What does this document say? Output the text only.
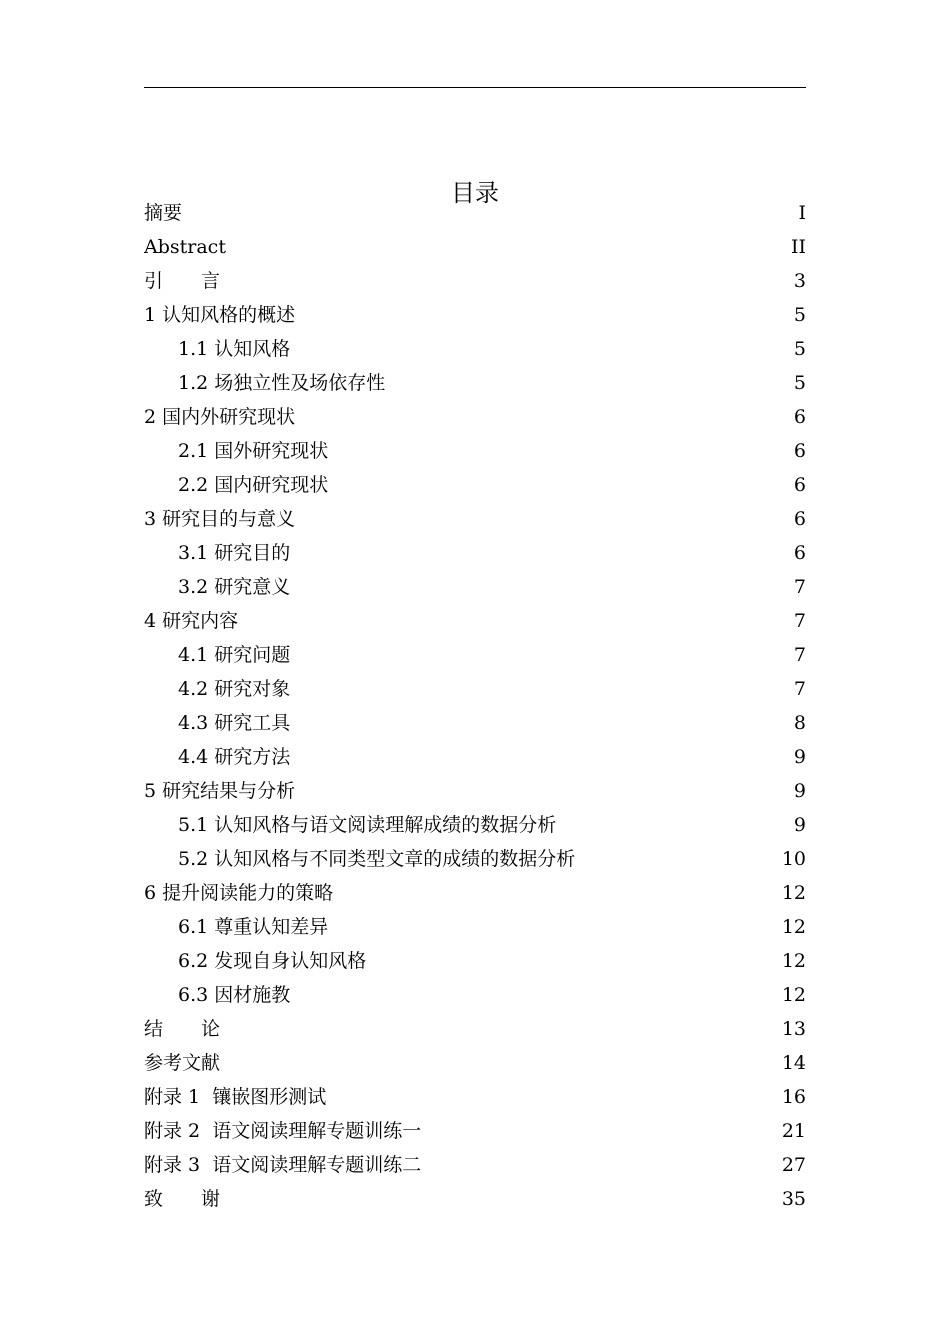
目录
摘要	I
Abstract	II
引　　言	3
1 认知风格的概述	5
1.1 认知风格	5
1.2 场独立性及场依存性	5
2 国内外研究现状	6
2.1 国外研究现状	6
2.2 国内研究现状	6
3 研究目的与意义	6
3.1 研究目的	6
3.2 研究意义	7
4 研究内容	7
4.1 研究问题	7
4.2 研究对象	7
4.3 研究工具	8
4.4 研究方法	9
5 研究结果与分析	9
5.1 认知风格与语文阅读理解成绩的数据分析	9
5.2 认知风格与不同类型文章的成绩的数据分析	10
6 提升阅读能力的策略	12
6.1 尊重认知差异	12
6.2 发现自身认知风格	12
6.3 因材施教	12
结　　论	13
参考文献	14
附录 1  镶嵌图形测试	16
附录 2  语文阅读理解专题训练一	21
附录 3  语文阅读理解专题训练二	27
致　　谢	35
